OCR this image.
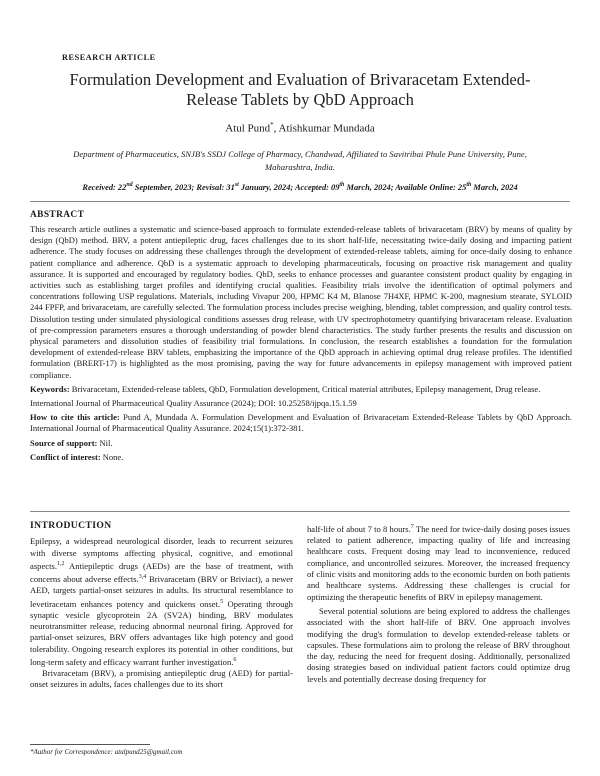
RESEARCH ARTICLE
Formulation Development and Evaluation of Brivaracetam Extended-Release Tablets by QbD Approach
Atul Pund*, Atishkumar Mundada
Department of Pharmaceutics, SNJB's SSDJ College of Pharmacy, Chandwad, Affiliated to Savitribai Phule Pune University, Pune, Maharashtra, India.
Received: 22nd September, 2023; Revisal: 31st January, 2024; Accepted: 09th March, 2024; Available Online: 25th March, 2024
ABSTRACT

This research article outlines a systematic and science-based approach to formulate extended-release tablets of brivaracetam (BRV) by means of quality by design (QbD) method. BRV, a potent antiepileptic drug, faces challenges due to its short half-life, necessitating twice-daily dosing and impacting patient adherence. The study focuses on addressing these challenges through the development of extended-release tablets, aiming for once-daily dosing to enhance patient compliance and adherence. QbD is a systematic approach to developing pharmaceuticals, focusing on proactive risk management and quality assurance. It is supported and encouraged by regulatory bodies. QbD, seeks to enhance processes and guarantee consistent product quality by engaging in activities such as establishing target profiles and identifying crucial qualities. Feasibility trials involve the identification of optimal polymers and concentrations following USP regulations. Materials, including Vivapur 200, HPMC K4 M, Blanose 7H4XF, HPMC K-200, magnesium stearate, SYLOID 244 FPFP, and brivaracetam, are carefully selected. The formulation process includes precise weighing, blending, tablet compression, and quality control tests. Dissolution testing under simulated physiological conditions assesses drug release, with UV spectrophotometry quantifying brivaracetam release. Evaluation of pre-compression parameters ensures a thorough understanding of powder blend characteristics. The study further presents the results and discussion on physical parameters and dissolution studies of feasibility trial formulations. In conclusion, the research establishes a foundation for the formulation development of extended-release BRV tablets, emphasizing the importance of the QbD approach in achieving optimal drug release profiles. The identified formulation (BRERT-17) is highlighted as the most promising, paving the way for future advancements in epilepsy management with improved patient compliance.

Keywords: Brivaracetam, Extended-release tablets, QbD, Formulation development, Critical material attributes, Epilepsy management, Drug release.

International Journal of Pharmaceutical Quality Assurance (2024); DOI: 10.25258/ijpqa.15.1.59

How to cite this article: Pund A, Mundada A. Formulation Development and Evaluation of Brivaracetam Extended-Release Tablets by QbD Approach. International Journal of Pharmaceutical Quality Assurance. 2024;15(1):372-381.

Source of support: Nil.

Conflict of interest: None.

INTRODUCTION

Epilepsy, a widespread neurological disorder, leads to recurrent seizures with diverse symptoms affecting physical, cognitive, and emotional aspects.$^{1,2}$ Antiepileptic drugs (AEDs) are the base of treatment, with concerns about adverse effects.$^{3,4}$ Brivaracetam (BRV or Briviact), a newer AED, targets partial-onset seizures in adults. Its structural resemblance to levetiracetam enhances potency and quickens onset.$^5$ Operating through synaptic vesicle glycoprotein 2A (SV2A) binding, BRV modulates neurotransmitter release, reducing abnormal neuronal firing. Approved for partial-onset seizures, BRV offers advantages like high potency and good tolerability. Ongoing research explores its potential in other conditions, but long-term safety and efficacy warrant further investigation.$^6$

Brivaracetam (BRV), a promising antiepileptic drug (AED) for partial-onset seizures in adults, faces challenges due to its short

half-life of about 7 to 8 hours.$^7$ The need for twice-daily dosing poses issues related to patient adherence, impacting quality of life and increasing healthcare costs. Frequent dosing may lead to inconvenience, reduced compliance, and uncontrolled seizures. Moreover, the increased frequency of clinic visits and monitoring adds to the economic burden on both patients and healthcare systems. Addressing these challenges is crucial for optimizing the therapeutic benefits of BRV in epilepsy management.

Several potential solutions are being explored to address the challenges associated with the short half-life of BRV. One approach involves modifying the drug's formulation to develop extended-release tablets or capsules. These formulations aim to prolong the release of BRV throughout the day, reducing the need for frequent dosing. Additionally, personalized dosing strategies based on individual patient factors could optimize drug levels and potentially decrease dosing frequency for

*Author for Correspondence: atulpund25@gmail.com
